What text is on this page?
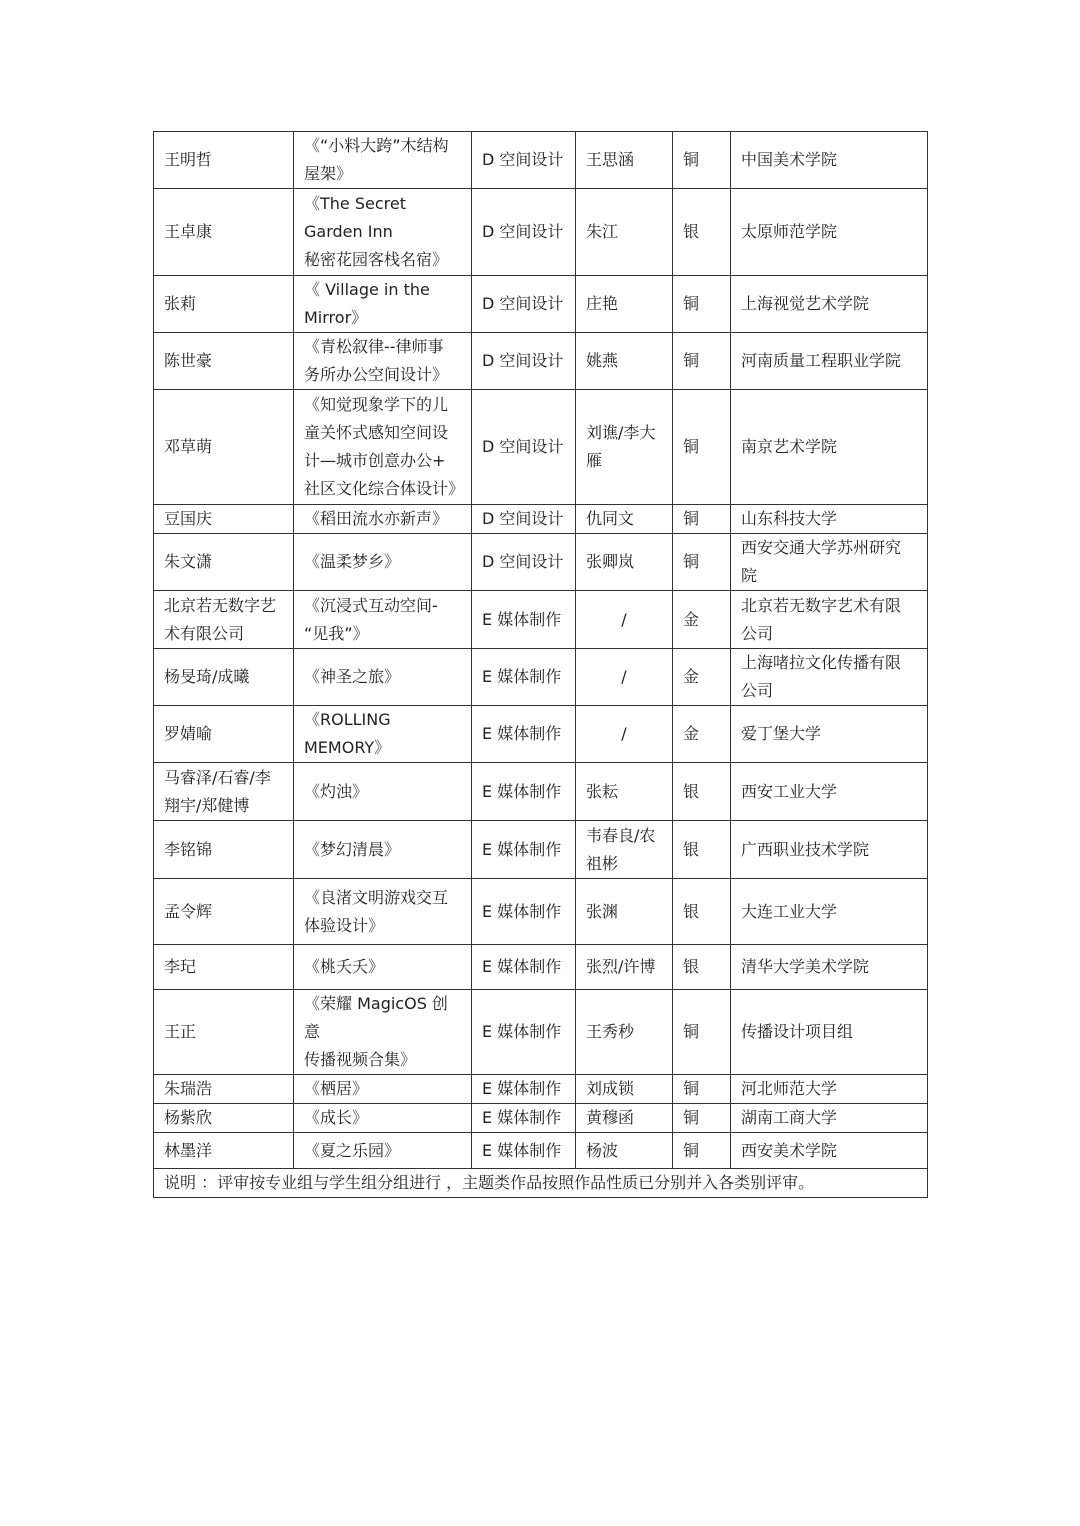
王明哲	《“小料大跨”木结构
屋架》	D 空间设计	王思涵	铜	中国美术学院
王卓康	《The Secret
Garden Inn
秘密花园客栈名宿》	D 空间设计	朱江	银	太原师范学院
张莉	《 Village in the
Mirror》	D 空间设计	庄艳	铜	上海视觉艺术学院
陈世豪	《青松叙律--律师事
务所办公空间设计》	D 空间设计	姚燕	铜	河南质量工程职业学院
邓草萌	《知觉现象学下的儿
童关怀式感知空间设
计—城市创意办公+
社区文化综合体设计》	D 空间设计	刘谯/李大
雁	铜	南京艺术学院
豆国庆	《稻田流水亦新声》	D 空间设计	仇同文	铜	山东科技大学
朱文潇	《温柔梦乡》	D 空间设计	张卿岚	铜	西安交通大学苏州研究
院
北京若无数字艺
术有限公司	《沉浸式互动空间-
“见我”》	E 媒体制作	/	金	北京若无数字艺术有限
公司
杨旻琦/成曦	《神圣之旅》	E 媒体制作	/	金	上海啫拉文化传播有限
公司
罗婧喻	《ROLLING
MEMORY》	E 媒体制作	/	金	爱丁堡大学
马睿泽/石睿/李
翔宇/郑健博	《灼浊》	E 媒体制作	张耘	银	西安工业大学
李铭锦	《梦幻清晨》	E 媒体制作	韦春良/农
祖彬	银	广西职业技术学院
孟令辉	《良渚文明游戏交互
体验设计》	E 媒体制作	张渊	银	大连工业大学
李玘	《桃夭夭》	E 媒体制作	张烈/许博	银	清华大学美术学院
王正	《荣耀 MagicOS 创意
传播视频合集》	E 媒体制作	王秀秒	铜	传播设计项目组
朱瑞浩	《栖居》	E 媒体制作	刘成锁	铜	河北师范大学
杨紫欣	《成长》	E 媒体制作	黄穆函	铜	湖南工商大学
林墨洋	《夏之乐园》	E 媒体制作	杨波	铜	西安美术学院
说明 ：评审按专业组与学生组分组进行 ，主题类作品按照作品性质已分别并入各类别评审。					
